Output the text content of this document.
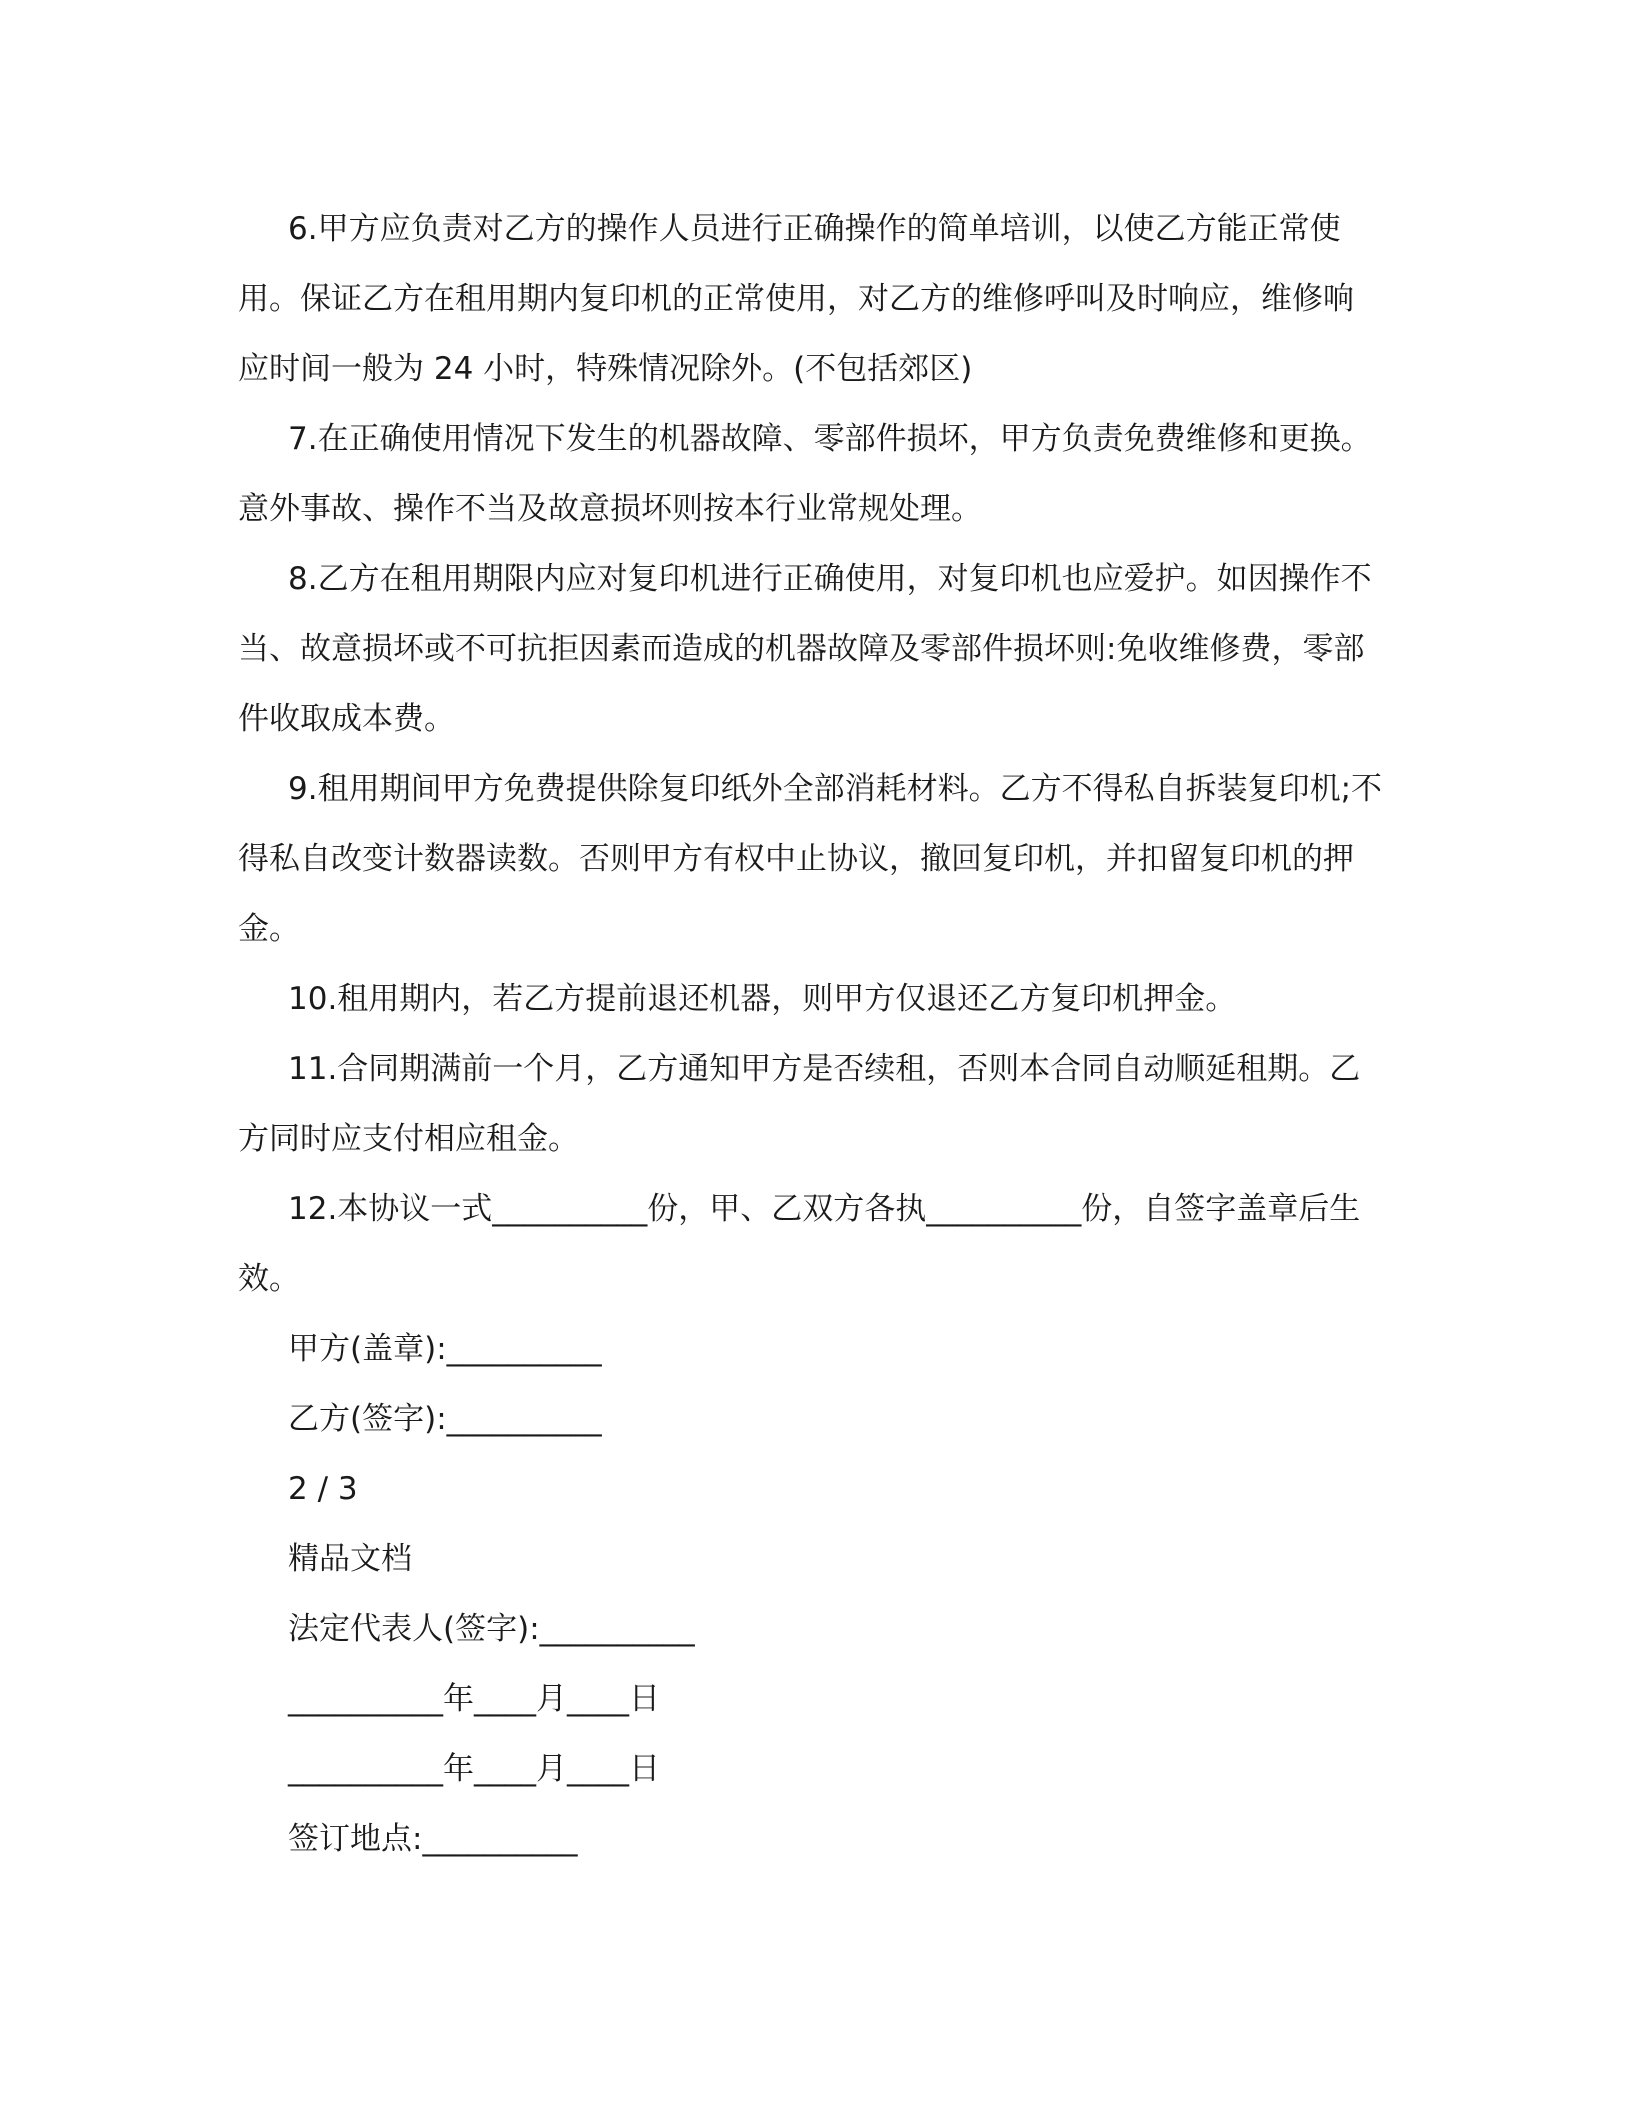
6.甲方应负责对乙方的操作人员进行正确操作的简单培训，以使乙方能正常使用。保证乙方在租用期内复印机的正常使用，对乙方的维修呼叫及时响应，维修响应时间一般为 24 小时，特殊情况除外。(不包括郊区)

7.在正确使用情况下发生的机器故障、零部件损坏，甲方负责免费维修和更换。意外事故、操作不当及故意损坏则按本行业常规处理。

8.乙方在租用期限内应对复印机进行正确使用，对复印机也应爱护。如因操作不当、故意损坏或不可抗拒因素而造成的机器故障及零部件损坏则:免收维修费，零部件收取成本费。

9.租用期间甲方免费提供除复印纸外全部消耗材料。乙方不得私自拆装复印机;不得私自改变计数器读数。否则甲方有权中止协议，撤回复印机，并扣留复印机的押金。

10.租用期内，若乙方提前退还机器，则甲方仅退还乙方复印机押金。

11.合同期满前一个月，乙方通知甲方是否续租，否则本合同自动顺延租期。乙方同时应支付相应租金。

12.本协议一式__________份，甲、乙双方各执__________份，自签字盖章后生效。

甲方(盖章):__________

乙方(签字):__________

2 / 3

精品文档

法定代表人(签字):__________

__________年____月____日

__________年____月____日

签订地点:__________
